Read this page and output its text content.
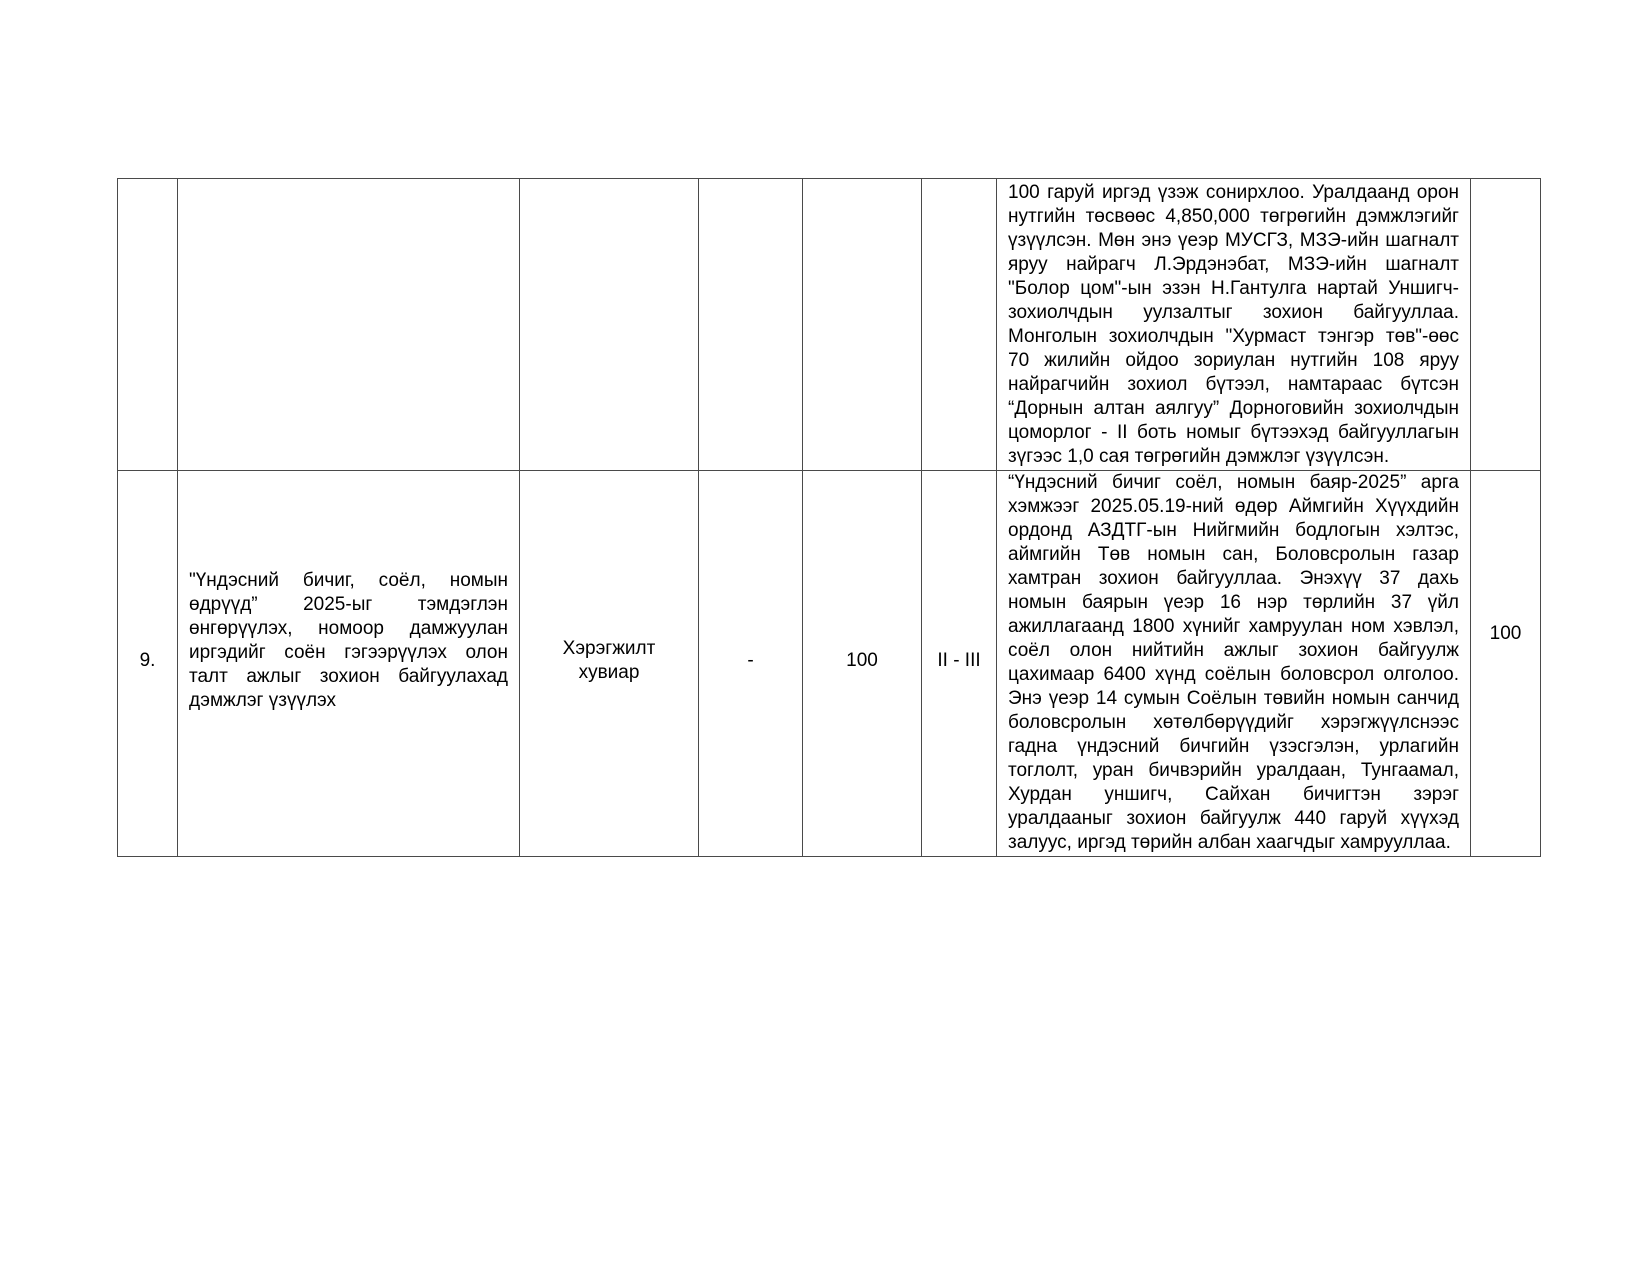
						100 гаруй иргэд үзэж сонирхлоо. Уралдаанд орон нутгийн төсвөөс 4,850,000 төгрөгийн дэмжлэгийг үзүүлсэн. Мөн энэ үеэр МУСГЗ, МЗЭ-ийн шагналт яруу найрагч Л.Эрдэнэбат, МЗЭ-ийн шагналт "Болор цом"-ын эзэн Н.Гантулга нартай Уншигч- зохиолчдын уулзалтыг зохион байгууллаа. Монголын зохиолчдын "Хурмаст тэнгэр төв"-өөс 70 жилийн ойдоо зориулан нутгийн 108 яруу найрагчийн зохиол бүтээл, намтараас бүтсэн “Дорнын алтан аялгуу” Дорноговийн зохиолчдын цоморлог - II боть номыг бүтээхэд байгууллагын зүгээс 1,0 сая төгрөгийн дэмжлэг үзүүлсэн.	
9.	"Үндэсний бичиг, соёл, номын өдрүүд” 2025-ыг тэмдэглэн өнгөрүүлэх, номоор дамжуулан иргэдийг соён гэгээрүүлэх олон талт ажлыг зохион байгуулахад дэмжлэг үзүүлэх	Хэрэгжилт хувиар	-	100	II - III	“Үндэсний бичиг соёл, номын баяр-2025” арга хэмжээг 2025.05.19-ний өдөр Аймгийн Хүүхдийн ордонд АЗДТГ-ын Нийгмийн бодлогын хэлтэс, аймгийн Төв номын сан, Боловсролын газар хамтран зохион байгууллаа. Энэхүү 37 дахь номын баярын үеэр 16 нэр төрлийн 37 үйл ажиллагаанд 1800 хүнийг хамруулан ном хэвлэл, соёл олон нийтийн ажлыг зохион байгуулж цахимаар 6400 хүнд соёлын боловсрол олголоо. Энэ үеэр 14 сумын Соёлын төвийн номын санчид боловсролын хөтөлбөрүүдийг хэрэгжүүлснээс гадна үндэсний бичгийн үзэсгэлэн, урлагийн тоглолт, уран бичвэрийн уралдаан, Тунгаамал, Хурдан уншигч, Сайхан бичигтэн зэрэг уралдааныг зохион байгуулж 440 гаруй хүүхэд залуус, иргэд төрийн албан хаагчдыг хамрууллаа.	100
